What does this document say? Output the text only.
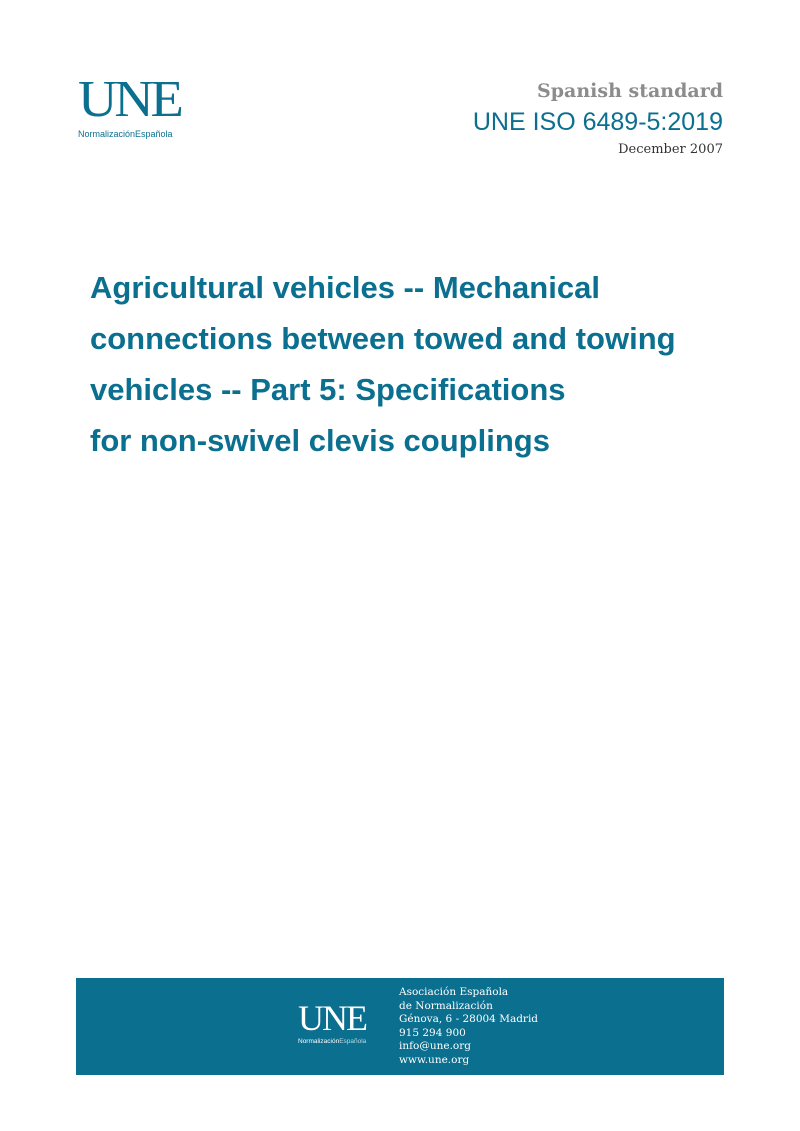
UNE
NormalizaciónEspañola
Spanish standard
UNE ISO 6489-5:2019
December 2007
Agricultural vehicles -- Mechanical
connections between towed and towing
vehicles -- Part 5: Specifications
for non-swivel clevis couplings
UNE
NormalizaciónEspañola
Asociación Española
de Normalización
Génova, 6 - 28004 Madrid
915 294 900
info@une.org
www.une.org
